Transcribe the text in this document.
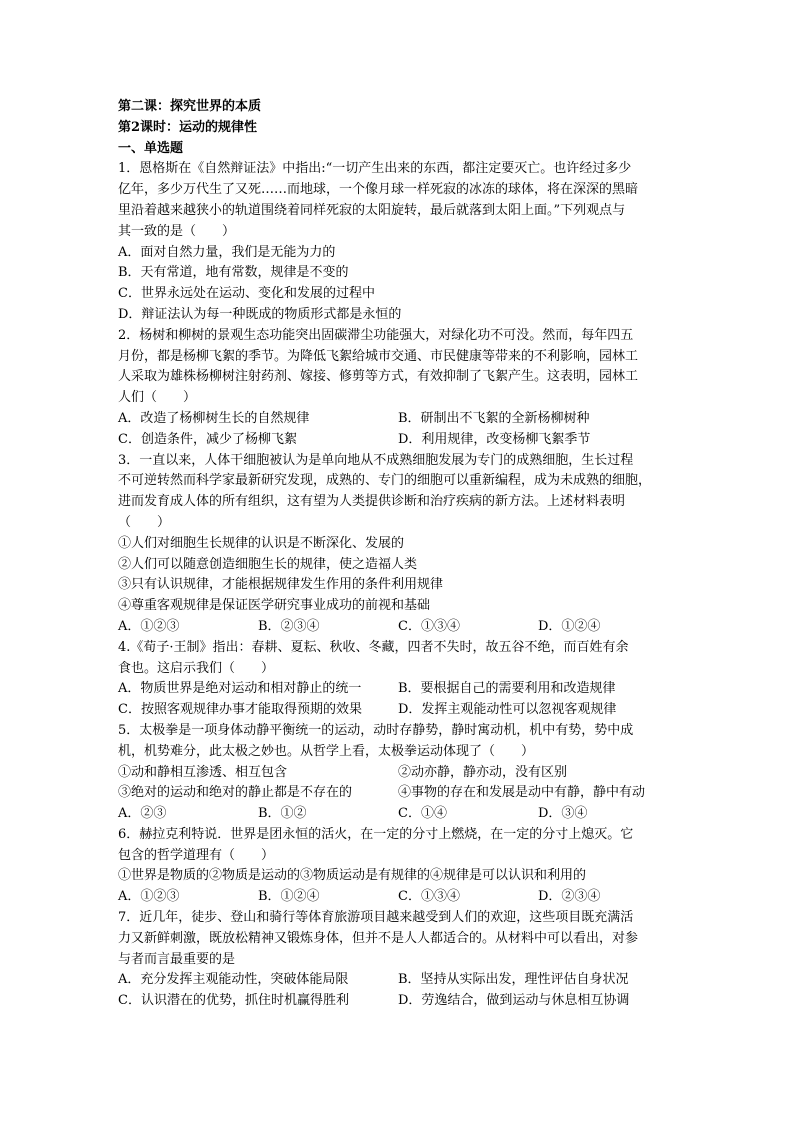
第二课：探究世界的本质
第2课时：运动的规律性
一、单选题
1．恩格斯在《自然辩证法》中指出:“一切产生出来的东西，都注定要灭亡。也许经过多少
亿年，多少万代生了又死……而地球，一个像月球一样死寂的冰冻的球体，将在深深的黑暗
里沿着越来越狭小的轨道围绕着同样死寂的太阳旋转，最后就落到太阳上面。”下列观点与
其一致的是（　　）
A．面对自然力量，我们是无能为力的
B．天有常道，地有常数，规律是不变的
C．世界永远处在运动、变化和发展的过程中
D．辩证法认为每一种既成的物质形式都是永恒的
2．杨树和柳树的景观生态功能突出固碳滞尘功能强大，对绿化功不可没。然而，每年四五
月份，都是杨柳飞絮的季节。为降低飞絮给城市交通、市民健康等带来的不利影响，园林工
人采取为雄株杨柳树注射药剂、嫁接、修剪等方式，有效抑制了飞絮产生。这表明，园林工
人们（　　）
A．改造了杨柳树生长的自然规律	B．研制出不飞絮的全新杨柳树种
C．创造条件，减少了杨柳飞絮	D．利用规律，改变杨柳飞絮季节
3．一直以来，人体干细胞被认为是单向地从不成熟细胞发展为专门的成熟细胞，生长过程
不可逆转然而科学家最新研究发现，成熟的、专门的细胞可以重新编程，成为未成熟的细胞，
进而发育成人体的所有组织，这有望为人类提供诊断和治疗疾病的新方法。上述材料表明
（　　）
①人们对细胞生长规律的认识是不断深化、发展的
②人们可以随意创造细胞生长的规律，使之造福人类
③只有认识规律，才能根据规律发生作用的条件利用规律
④尊重客观规律是保证医学研究事业成功的前视和基础
A．①②③	B．②③④	C．①③④	D．①②④
4.《荀子·王制》指出：春耕、夏耘、秋收、冬藏，四者不失时，故五谷不绝，而百姓有余
食也。这启示我们（　　）
A．物质世界是绝对运动和相对静止的统一	B．要根据自己的需要利用和改造规律
C．按照客观规律办事才能取得预期的效果	D．发挥主观能动性可以忽视客观规律
5．太极拳是一项身体动静平衡统一的运动，动时存静势，静时寓动机，机中有势，势中成
机，机势难分，此太极之妙也。从哲学上看，太极拳运动体现了（　　）
①动和静相互渗透、相互包含	②动亦静，静亦动，没有区别
③绝对的运动和绝对的静止都是不存在的	④事物的存在和发展是动中有静，静中有动
A．②③	B．①②	C．①④	D．③④
6．赫拉克利特说．世界是团永恒的活火，在一定的分寸上燃烧，在一定的分寸上熄灭。它
包含的哲学道理有（　　）
①世界是物质的②物质是运动的③物质运动是有规律的④规律是可以认识和利用的
A．①②③	B．①②④	C．①③④	D．②③④
7．近几年，徒步、登山和骑行等体育旅游项目越来越受到人们的欢迎，这些项目既充满活
力又新鲜刺激，既放松精神又锻炼身体，但并不是人人都适合的。从材料中可以看出，对参
与者而言最重要的是
A．充分发挥主观能动性，突破体能局限	B．坚持从实际出发，理性评估自身状况
C．认识潜在的优势，抓住时机赢得胜利	D．劳逸结合，做到运动与休息相互协调
